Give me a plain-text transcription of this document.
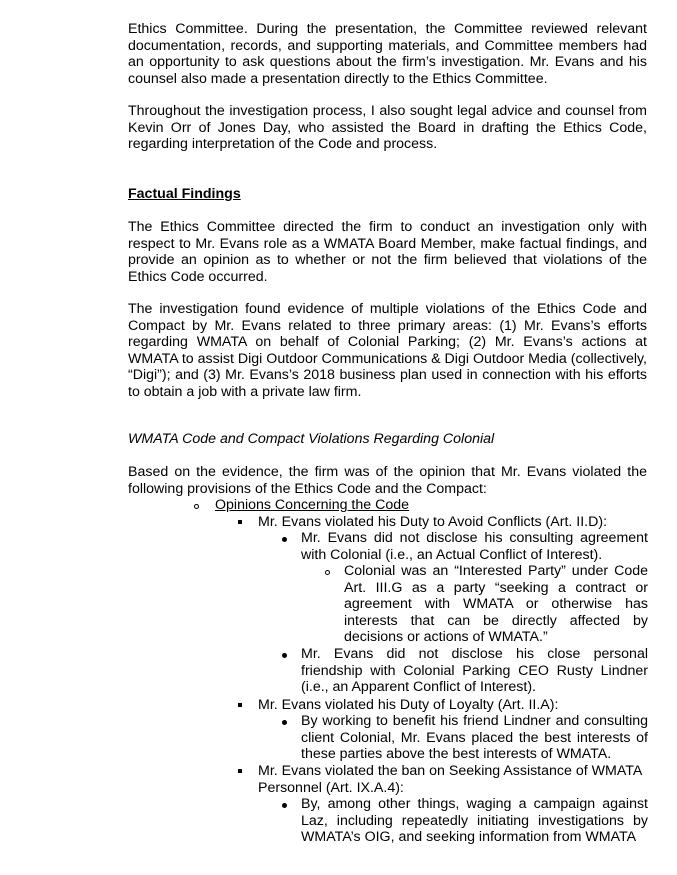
Ethics Committee. During the presentation, the Committee reviewed relevant documentation, records, and supporting materials, and Committee members had an opportunity to ask questions about the firm’s investigation. Mr. Evans and his counsel also made a presentation directly to the Ethics Committee.

Throughout the investigation process, I also sought legal advice and counsel from Kevin Orr of Jones Day, who assisted the Board in drafting the Ethics Code, regarding interpretation of the Code and process.

Factual Findings

The Ethics Committee directed the firm to conduct an investigation only with respect to Mr. Evans role as a WMATA Board Member, make factual findings, and provide an opinion as to whether or not the firm believed that violations of the Ethics Code occurred.

The investigation found evidence of multiple violations of the Ethics Code and Compact by Mr. Evans related to three primary areas: (1) Mr. Evans’s efforts regarding WMATA on behalf of Colonial Parking; (2) Mr. Evans’s actions at WMATA to assist Digi Outdoor Communications & Digi Outdoor Media (collectively, “Digi”); and (3) Mr. Evans’s 2018 business plan used in connection with his efforts to obtain a job with a private law firm.

WMATA Code and Compact Violations Regarding Colonial

Based on the evidence, the firm was of the opinion that Mr. Evans violated the following provisions of the Ethics Code and the Compact:

Opinions Concerning the Code

Mr. Evans violated his Duty to Avoid Conflicts (Art. II.D):

Mr. Evans did not disclose his consulting agreement with Colonial (i.e., an Actual Conflict of Interest).

Colonial was an “Interested Party” under Code Art. III.G as a party “seeking a contract or agreement with WMATA or otherwise has interests that can be directly affected by decisions or actions of WMATA.”

Mr. Evans did not disclose his close personal friendship with Colonial Parking CEO Rusty Lindner (i.e., an Apparent Conflict of Interest).

Mr. Evans violated his Duty of Loyalty (Art. II.A):

By working to benefit his friend Lindner and consulting client Colonial, Mr. Evans placed the best interests of these parties above the best interests of WMATA.

Mr. Evans violated the ban on Seeking Assistance of WMATA Personnel (Art. IX.A.4):

By, among other things, waging a campaign against Laz, including repeatedly initiating investigations by WMATA’s OIG, and seeking information from WMATA
